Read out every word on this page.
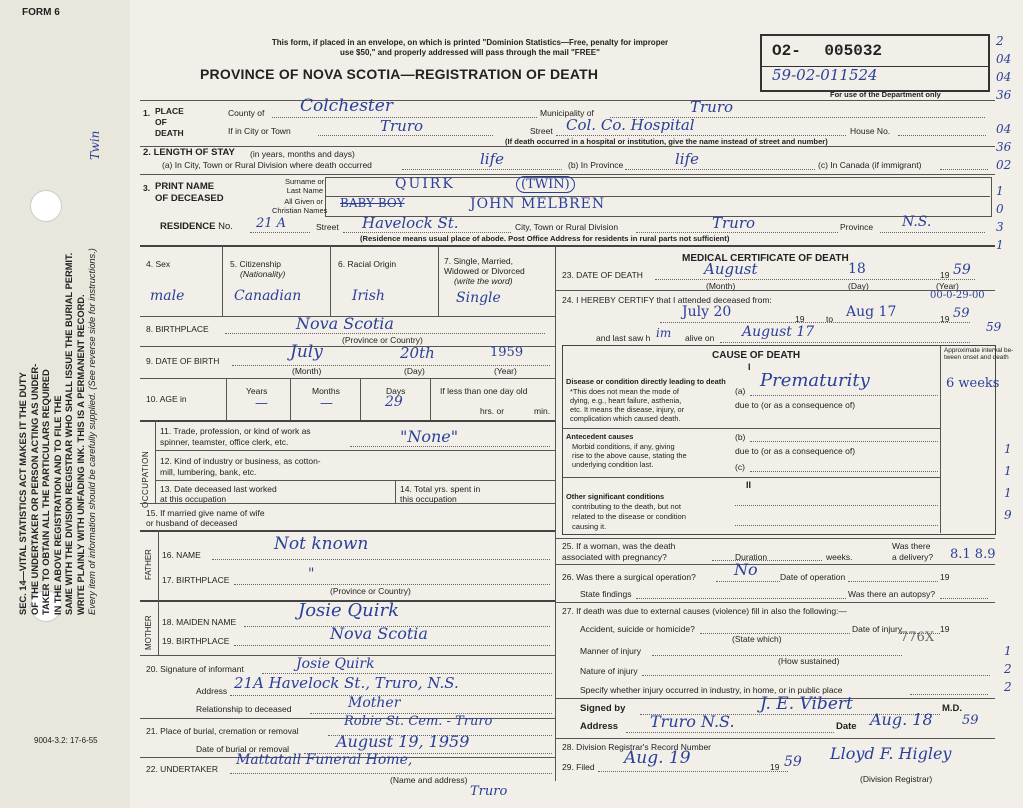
FORM 6
Twin
SEC. 14—VITAL STATISTICS ACT MAKES IT THE DUTY OF THE UNDERTAKER OR PERSON ACTING AS UNDER- TAKER TO OBTAIN ALL THE PARTICULARS REQUIRED IN THE ABOVE REGISTRATION AND TO FILE THE SAME WITH THE DIVISION REGISTRAR WHO SHALL ISSUE THE BURIAL PERMIT. WRITE PLAINLY WITH UNFADING INK. THIS IS A PERMANENT RECORD. Every item of information should be carefully supplied. (See reverse side for instructions.)
This form, if placed in an envelope, on which is printed "Dominion Statistics—Free, penalty for improper
use $50," and properly addressed will pass through the mail "FREE"
PROVINCE OF NOVA SCOTIA—REGISTRATION OF DEATH
O2- 005032
59-02-011524
For use of the Department only
2
04
04
36
04
36
02
1
0
3
1
1
1
1
9
1
2
2
1. PLACE
OF
DEATH
County of Colchester	Municipality of	Truro
If in City or Town	Truro	Street Col. Co. Hospital	House No.
(If death occurred in a hospital or institution, give the name instead of street and number)
2. LENGTH OF STAY (in years, months and days)
(a) In City, Town or Rural Division where death occurred	life	(b) In Province	life	(c) In Canada (if immigrant)
3. PRINT NAME
OF DECEASED
Surname or
Last Name	QUIRK	(TWIN)
All Given or
Christian Names
BABY BOY	JOHN MELBREN
RESIDENCE No. 21 A	Street Havelock St.	City, Town or Rural Division	Truro	Province N.S.
(Residence means usual place of abode. Post Office Address for residents in rural parts not sufficient)
4. Sex
male
5. Citizenship
(Nationality)
Canadian
6. Racial Origin
Irish
7. Single, Married,
Widowed or Divorced
(write the word)
Single
8. BIRTHPLACE	Nova Scotia
(Province or Country)
9. DATE OF BIRTH	July	20th	1959
(Month)	(Day)	(Year)
10. AGE in
Years	Months	Days
—	—	29
If less than one day old
hrs. or	min.
OCCUPATION
11. Trade, profession, or kind of work as
spinner, teamster, office clerk, etc.	"None"
12. Kind of industry or business, as cotton-
mill, lumbering, bank, etc.
13. Date deceased last worked
at this occupation
14. Total yrs. spent in
this occupation
15. If married give name of wife
or husband of deceased
FATHER 16. NAME
Not known
17. BIRTHPLACE	"
(Province or Country)
MOTHER 18. MAIDEN NAME
Josie Quirk
19. BIRTHPLACE	Nova Scotia
20. Signature of informant	Josie Quirk
Address 21A Havelock St., Truro, N.S.
Relationship to deceased	Mother
21. Place of burial, cremation or removal
Robie St. Cem. - Truro
Date of burial or removal	August 19, 1959
22. UNDERTAKER
Mattatall Funeral Home,
(Name and address)
Truro
9004-3.2: 17-6-55
MEDICAL CERTIFICATE OF DEATH
23. DATE OF DEATH	August	18	19 59
(Month)	(Day)	(Year)
24. I HEREBY CERTIFY that I attended deceased from:	00-0-29-00
July 20	19	to Aug 17	19 59
and last saw h im alive on August 17	59
CAUSE OF DEATH	Approximate interval be-
tween onset and death
I
Disease or condition directly leading to death
*This does not mean the mode of
dying, e.g., heart failure, asthenia,
etc. It means the disease, injury, or
complication which caused death.
(a) Prematurity	6 weeks
due to (or as a consequence of)
Antecedent causes
Morbid conditions, if any, giving
rise to the above cause, stating the
underlying condition last.
(b)
due to (or as a consequence of)
(c)
II
Other significant conditions
contributing to the death, but not
related to the disease or condition
causing it.
25. If a woman, was the death
associated with pregnancy?	Duration	weeks.
Was there
a delivery? 8.1 8.9
26. Was there a surgical operation? No	Date of operation	19
State findings	Was there an autopsy?
27. If death was due to external causes (violence) fill in also the following:—
Accident, suicide or homicide?
(State which)
Date of injury	19
776X
Manner of injury
(How sustained)
Nature of injury
Specify whether injury occurred in industry, in home, or in public place
Signed by	J. E. Vibert	M.D.
Address Truro N.S.	Date Aug. 18 59
28. Division Registrar's Record Number
29. Filed Aug. 19	19 59 Lloyd F. Higley
(Division Registrar)
